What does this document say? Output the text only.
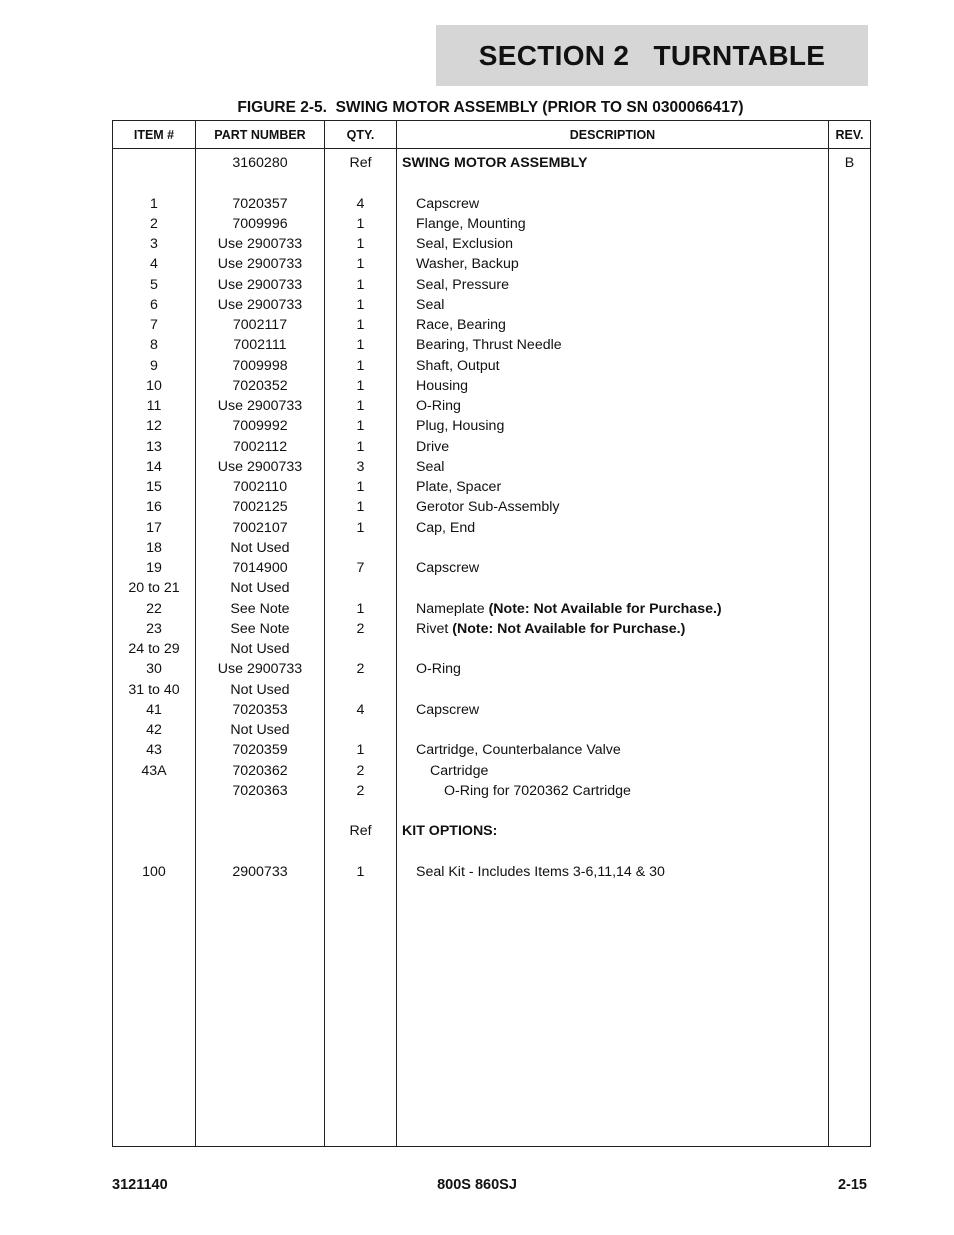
SECTION 2   TURNTABLE
FIGURE 2-5.  SWING MOTOR ASSEMBLY (PRIOR TO SN 0300066417)
ITEM #	PART NUMBER	QTY.	DESCRIPTION	REV.
	3160280	Ref	SWING MOTOR ASSEMBLY	B

1	7020357	4	Capscrew	
2	7009996	1	Flange, Mounting	
3	Use 2900733	1	Seal, Exclusion	
4	Use 2900733	1	Washer, Backup	
5	Use 2900733	1	Seal, Pressure	
6	Use 2900733	1	Seal	
7	7002117	1	Race, Bearing	
8	7002111	1	Bearing, Thrust Needle	
9	7009998	1	Shaft, Output	
10	7020352	1	Housing	
11	Use 2900733	1	O-Ring	
12	7009992	1	Plug, Housing	
13	7002112	1	Drive	
14	Use 2900733	3	Seal	
15	7002110	1	Plate, Spacer	
16	7002125	1	Gerotor Sub-Assembly	
17	7002107	1	Cap, End	
18	Not Used			
19	7014900	7	Capscrew	
20 to 21	Not Used			
22	See Note	1	Nameplate (Note: Not Available for Purchase.)	
23	See Note	2	Rivet (Note: Not Available for Purchase.)	
24 to 29	Not Used			
30	Use 2900733	2	O-Ring	
31 to 40	Not Used			
41	7020353	4	Capscrew	
42	Not Used			
43	7020359	1	Cartridge, Counterbalance Valve	
43A	7020362	2	Cartridge	
	7020363	2	O-Ring for 7020362 Cartridge	

		Ref	KIT OPTIONS:	

100	2900733	1	Seal Kit - Includes Items 3-6,11,14 & 30	

3121140	800S 860SJ	2-15
